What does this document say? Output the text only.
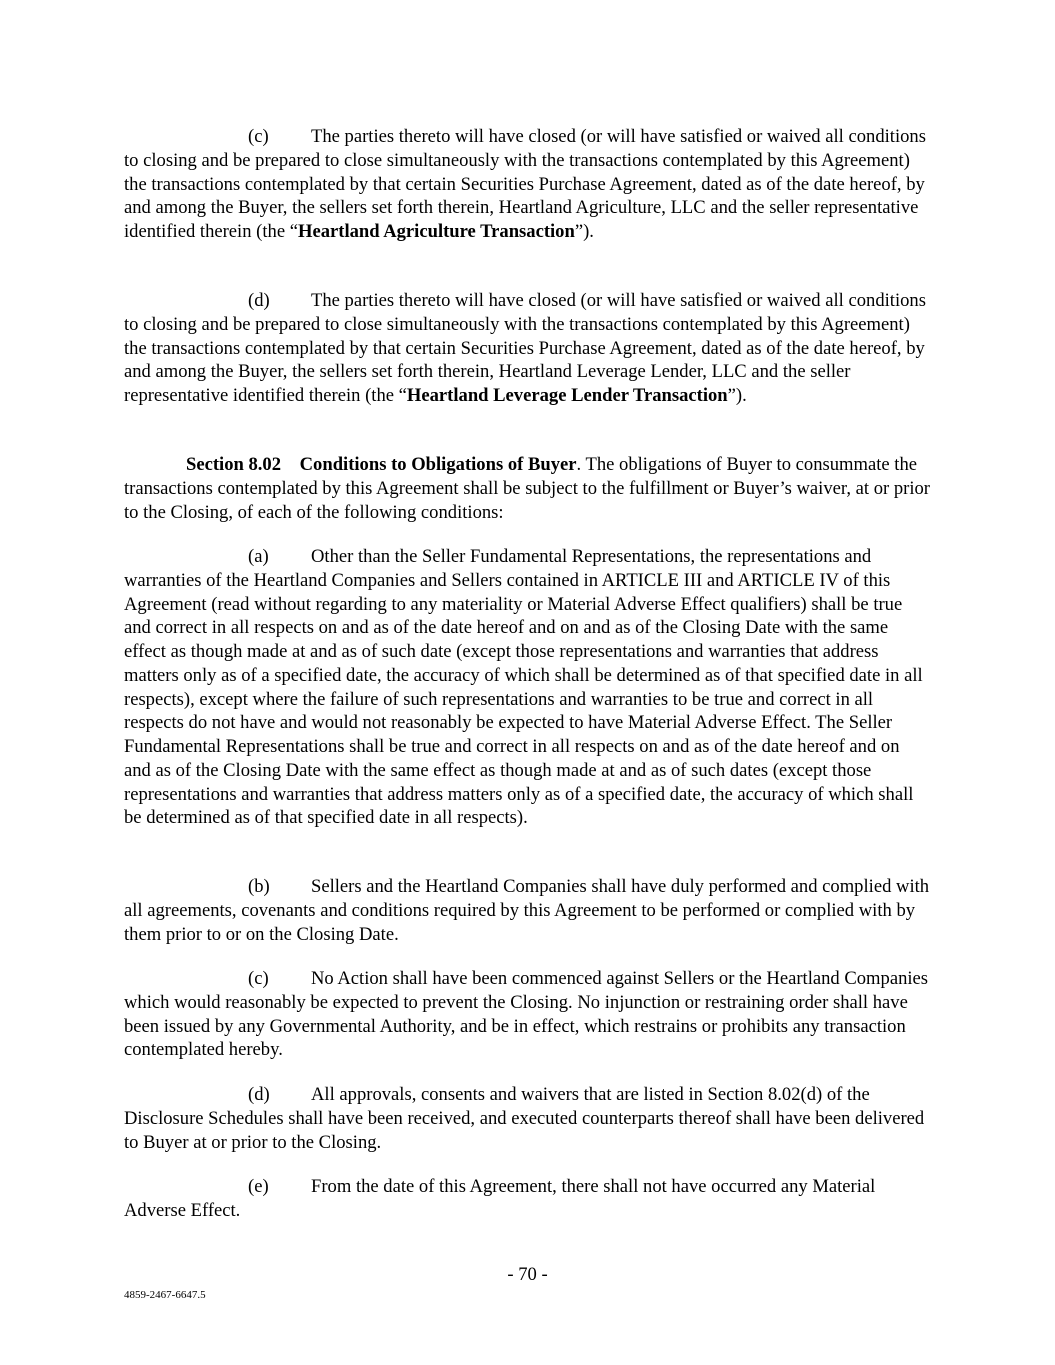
(c) The parties thereto will have closed (or will have satisfied or waived all conditions to closing and be prepared to close simultaneously with the transactions contemplated by this Agreement) the transactions contemplated by that certain Securities Purchase Agreement, dated as of the date hereof, by and among the Buyer, the sellers set forth therein, Heartland Agriculture, LLC and the seller representative identified therein (the “Heartland Agriculture Transaction”).

(d) The parties thereto will have closed (or will have satisfied or waived all conditions to closing and be prepared to close simultaneously with the transactions contemplated by this Agreement) the transactions contemplated by that certain Securities Purchase Agreement, dated as of the date hereof, by and among the Buyer, the sellers set forth therein, Heartland Leverage Lender, LLC and the seller representative identified therein (the “Heartland Leverage Lender Transaction”).

Section 8.02  Conditions to Obligations of Buyer. The obligations of Buyer to consummate the transactions contemplated by this Agreement shall be subject to the fulfillment or Buyer’s waiver, at or prior to the Closing, of each of the following conditions:

(a) Other than the Seller Fundamental Representations, the representations and warranties of the Heartland Companies and Sellers contained in ARTICLE III and ARTICLE IV of this Agreement (read without regarding to any materiality or Material Adverse Effect qualifiers) shall be true and correct in all respects on and as of the date hereof and on and as of the Closing Date with the same effect as though made at and as of such date (except those representations and warranties that address matters only as of a specified date, the accuracy of which shall be determined as of that specified date in all respects), except where the failure of such representations and warranties to be true and correct in all respects do not have and would not reasonably be expected to have Material Adverse Effect. The Seller Fundamental Representations shall be true and correct in all respects on and as of the date hereof and on and as of the Closing Date with the same effect as though made at and as of such dates (except those representations and warranties that address matters only as of a specified date, the accuracy of which shall be determined as of that specified date in all respects).

(b) Sellers and the Heartland Companies shall have duly performed and complied with all agreements, covenants and conditions required by this Agreement to be performed or complied with by them prior to or on the Closing Date.

(c) No Action shall have been commenced against Sellers or the Heartland Companies which would reasonably be expected to prevent the Closing. No injunction or restraining order shall have been issued by any Governmental Authority, and be in effect, which restrains or prohibits any transaction contemplated hereby.

(d) All approvals, consents and waivers that are listed in Section 8.02(d) of the Disclosure Schedules shall have been received, and executed counterparts thereof shall have been delivered to Buyer at or prior to the Closing.

(e) From the date of this Agreement, there shall not have occurred any Material Adverse Effect.

- 70 -
4859-2467-6647.5
